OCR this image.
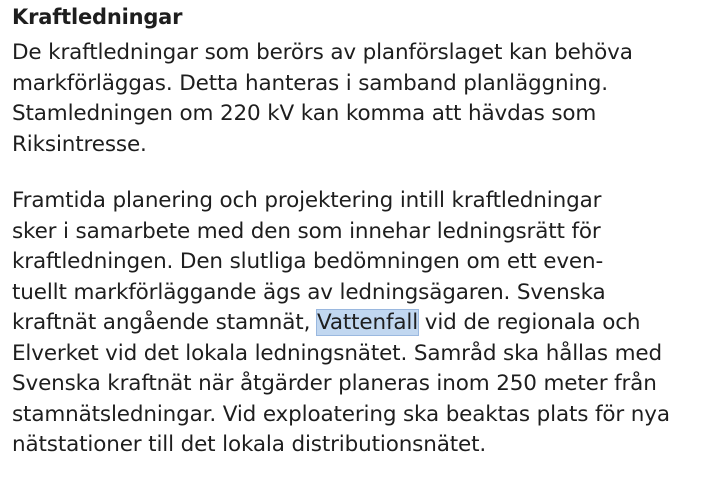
Kraftledningar

De kraftledningar som berörs av planförslaget kan behöva
markförläggas. Detta hanteras i samband planläggning.
Stamledningen om 220 kV kan komma att hävdas som
Riksintresse.

Framtida planering och projektering intill kraftledningar
sker i samarbete med den som innehar ledningsrätt för
kraftledningen. Den slutliga bedömningen om ett even-
tuellt markförläggande ägs av ledningsägaren. Svenska
kraftnät angående stamnät, Vattenfall vid de regionala och
Elverket vid det lokala ledningsnätet. Samråd ska hållas med
Svenska kraftnät när åtgärder planeras inom 250 meter från
stamnätsledningar. Vid exploatering ska beaktas plats för nya
nätstationer till det lokala distributionsnätet.
